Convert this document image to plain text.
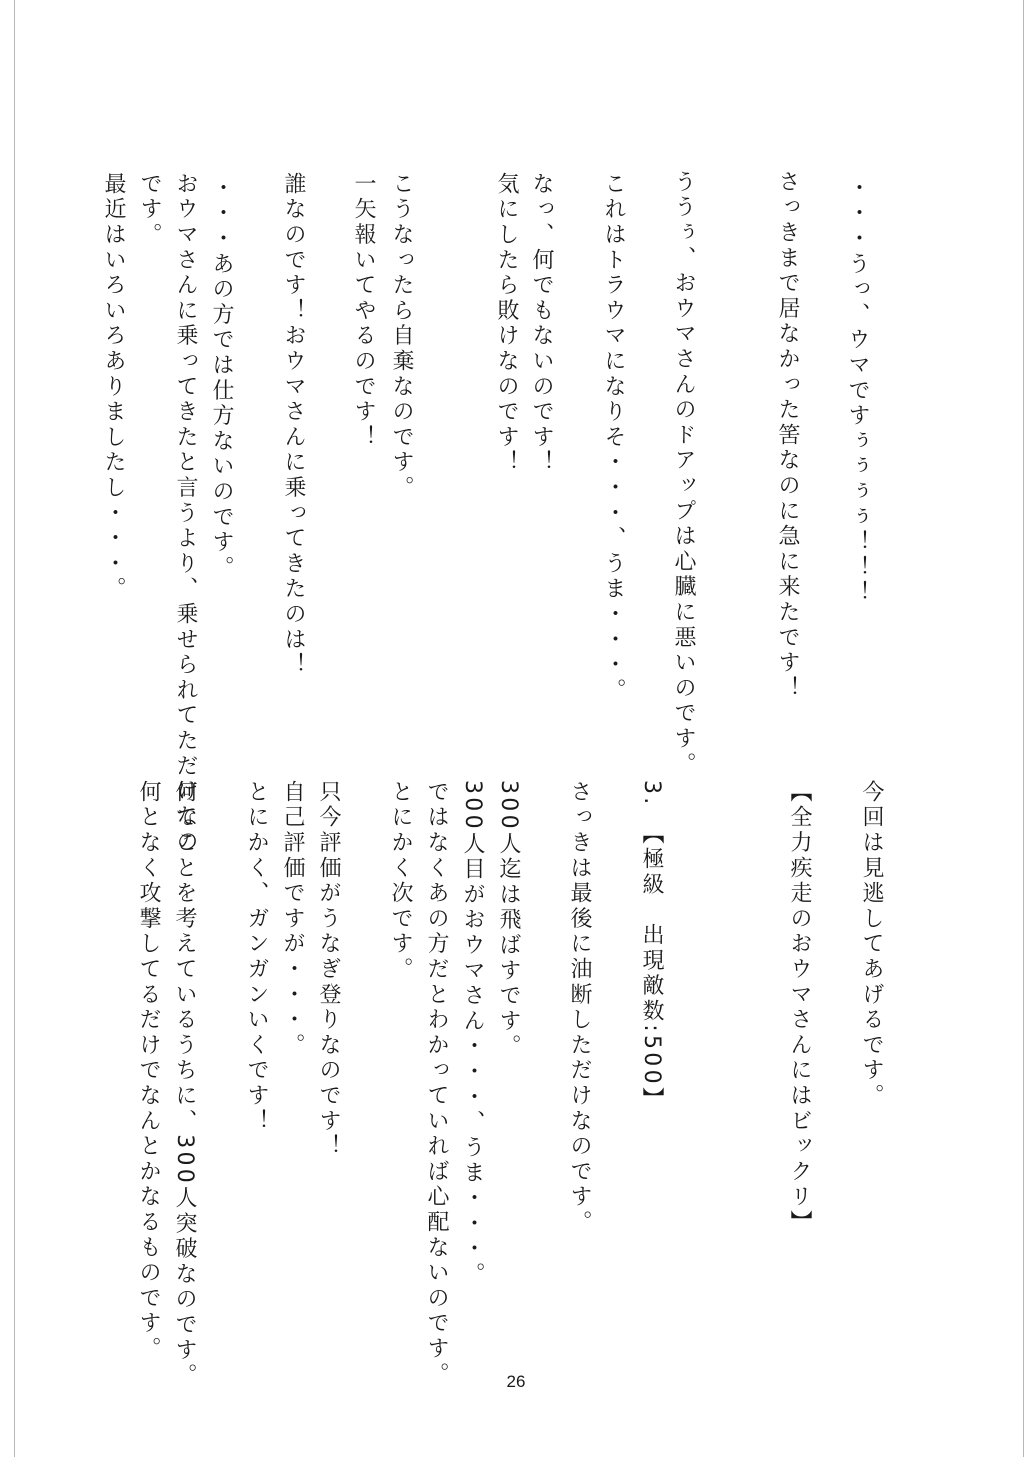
・・・うっ、ウマですぅぅぅぅ！！！
さっきまで居なかった筈なのに急に来たです！
ううぅ、おウマさんのドアップは心臓に悪いのです。
これはトラウマになりそ・・・、うま・・・。
なっ、何でもないのです！
気にしたら敗けなのです！
こうなったら自棄なのです。
一矢報いてやるのです！
誰なのです！おウマさんに乗ってきたのは！
・・・あの方では仕方ないのです。
おウマさんに乗ってきたと言うより、乗せられてただけなの
です。
最近はいろいろありましたし・・・。
今回は見逃してあげるです。
【全力疾走のおウマさんにはビックリ】
3.　【極級　出現敵数:500】
さっきは最後に油断しただけなのです。
300人迄は飛ばすです。
300人目がおウマさん・・・、うま・・・。
ではなくあの方だとわかっていれば心配ないのです。
とにかく次です。
只今評価がうなぎ登りなのです！
自己評価ですが・・・。
とにかく、ガンガンいくです！
何てことを考えているうちに、300人突破なのです。
何となく攻撃してるだけでなんとかなるものです。
26
